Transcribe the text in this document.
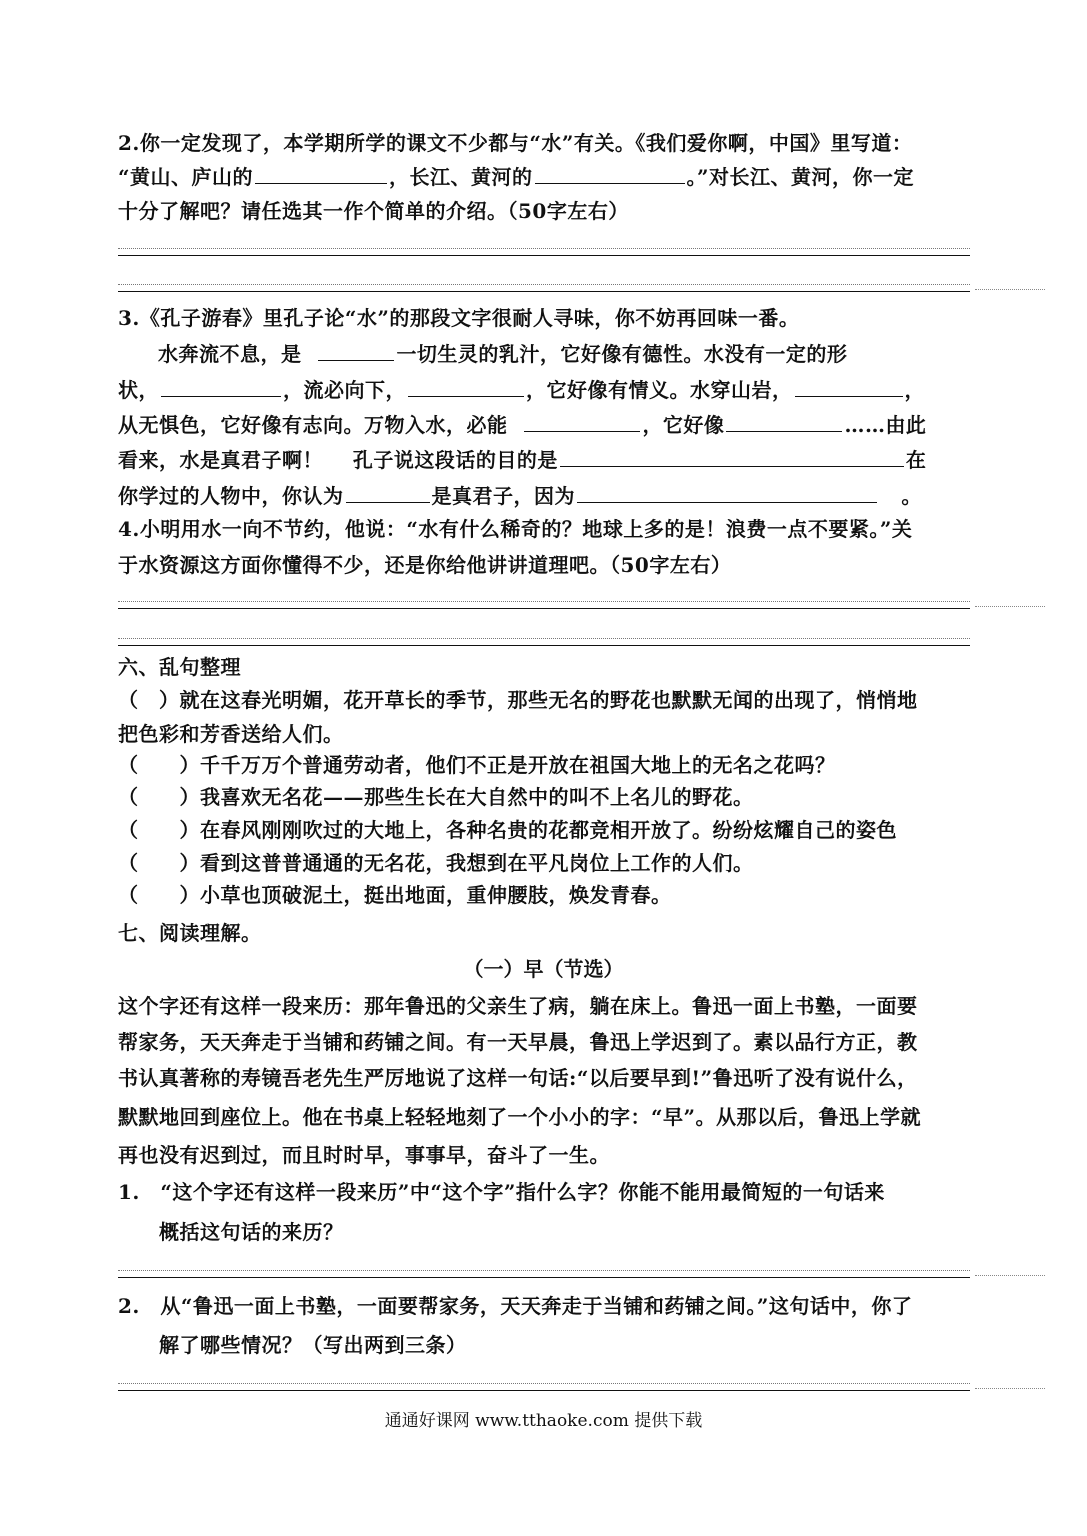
2.你一定发现了，本学期所学的课文不少都与“水”有关。《我们爱你啊，中国》里写道：
“黄山、庐山的	，长江、黄河的	。”对长江、黄河，你一定
十分了解吧？请任选其一作个简单的介绍。（50字左右）
3.《孔子游春》里孔子论“水”的那段文字很耐人寻味，你不妨再回味一番。
水奔流不息，是	一切生灵的乳汁，它好像有德性。水没有一定的形
状，	，流必向下，	，它好像有情义。水穿山岩，	，
从无惧色，它好像有志向。万物入水，必能	，它好像	……由此
看来，水是真君子啊！ 孔子说这段话的目的是	在
你学过的人物中，你认为	是真君子，因为	。
4.小明用水一向不节约，他说：“水有什么稀奇的？地球上多的是！浪费一点不要紧。”关
于水资源这方面你懂得不少，还是你给他讲讲道理吧。（50字左右）
六、乱句整理
（　）就在这春光明媚，花开草长的季节，那些无名的野花也默默无闻的出现了，悄悄地
把色彩和芳香送给人们。
（　　）千千万万个普通劳动者，他们不正是开放在祖国大地上的无名之花吗？
（　　）我喜欢无名花——那些生长在大自然中的叫不上名儿的野花。
（　　）在春风刚刚吹过的大地上，各种名贵的花都竞相开放了。纷纷炫耀自己的姿色
（　　）看到这普普通通的无名花，我想到在平凡岗位上工作的人们。
（　　）小草也顶破泥土，挺出地面，重伸腰肢，焕发青春。
七、阅读理解。
（一）早（节选）
这个字还有这样一段来历：那年鲁迅的父亲生了病，躺在床上。鲁迅一面上书塾，一面要
帮家务，天天奔走于当铺和药铺之间。有一天早晨，鲁迅上学迟到了。素以品行方正，教
书认真著称的寿镜吾老先生严厉地说了这样一句话:“以后要早到!”鲁迅听了没有说什么，
默默地回到座位上。他在书桌上轻轻地刻了一个小小的字：“早”。从那以后，鲁迅上学就
再也没有迟到过，而且时时早，事事早，奋斗了一生。
1.　“这个字还有这样一段来历”中“这个字”指什么字？你能不能用最简短的一句话来
　　概括这句话的来历？
2.　从“鲁迅一面上书塾，一面要帮家务，天天奔走于当铺和药铺之间。”这句话中，你了
　　解了哪些情况？（写出两到三条）
通通好课网 www.tthaoke.com 提供下载
